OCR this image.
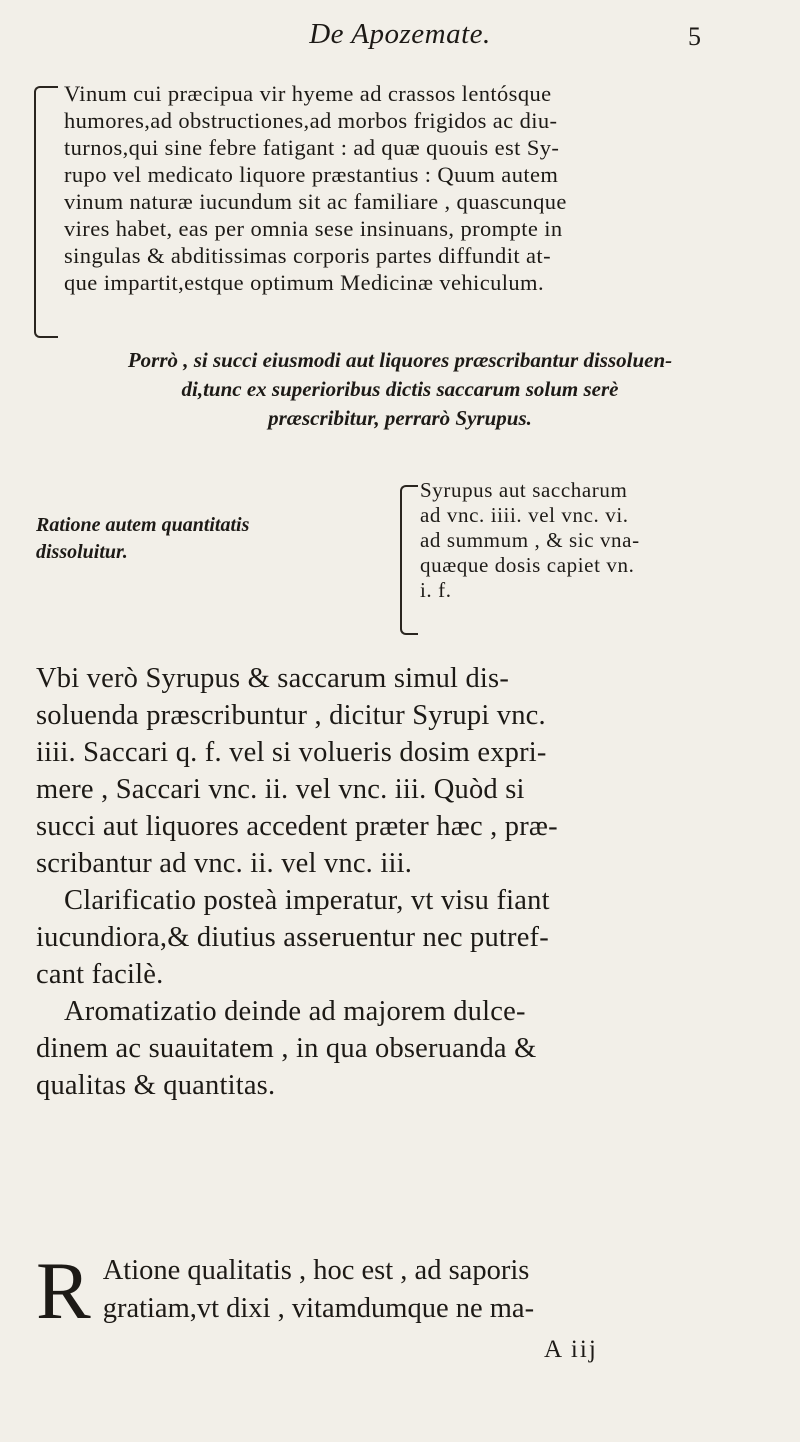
De Apozemate.	5
Vinum cui præcipua vir hyeme ad crassos lentósque
humores,ad obstructiones,ad morbos frigidos ac diu-
turnos,qui sine febre fatigant : ad quæ quouis est Sy-
rupo vel medicato liquore præstantius : Quum autem
vinum naturæ iucundum sit ac familiare , quascunque
vires habet, eas per omnia sese insinuans, prompte in
singulas & abditissimas corporis partes diffundit at-
que impartit,estque optimum Medicinæ vehiculum.
Porrò , si succi eiusmodi aut liquores præscribantur dissoluen-
di,tunc ex superioribus dictis saccarum solum serè
præscribitur, perrarò Syrupus.
Ratione autem quantitatis
dissoluitur.
Syrupus aut saccharum
ad vnc. iiii. vel vnc. vi.
ad summum , & sic vna-
quæque dosis capiet vn.
i. f.

Vbi verò Syrupus & saccarum simul dis-
soluenda præscribuntur , dicitur Syrupi vnc.
iiii. Saccari q. f. vel si volueris dosim expri-
mere , Saccari vnc. ii. vel vnc. iii. Quòd si
succi aut liquores accedent præter hæc , præ-
scribantur ad vnc. ii. vel vnc. iii.

Clarificatio posteà imperatur, vt visu fiant
iucundiora,& diutius asseruentur nec putref-
cant facilè.

Aromatizatio deinde ad majorem dulce-
dinem ac suauitatem , in qua obseruanda &
qualitas & quantitas.

R Atione qualitatis , hoc est , ad saporis
gratiam,vt dixi , vitamdumque ne ma-
A iij
